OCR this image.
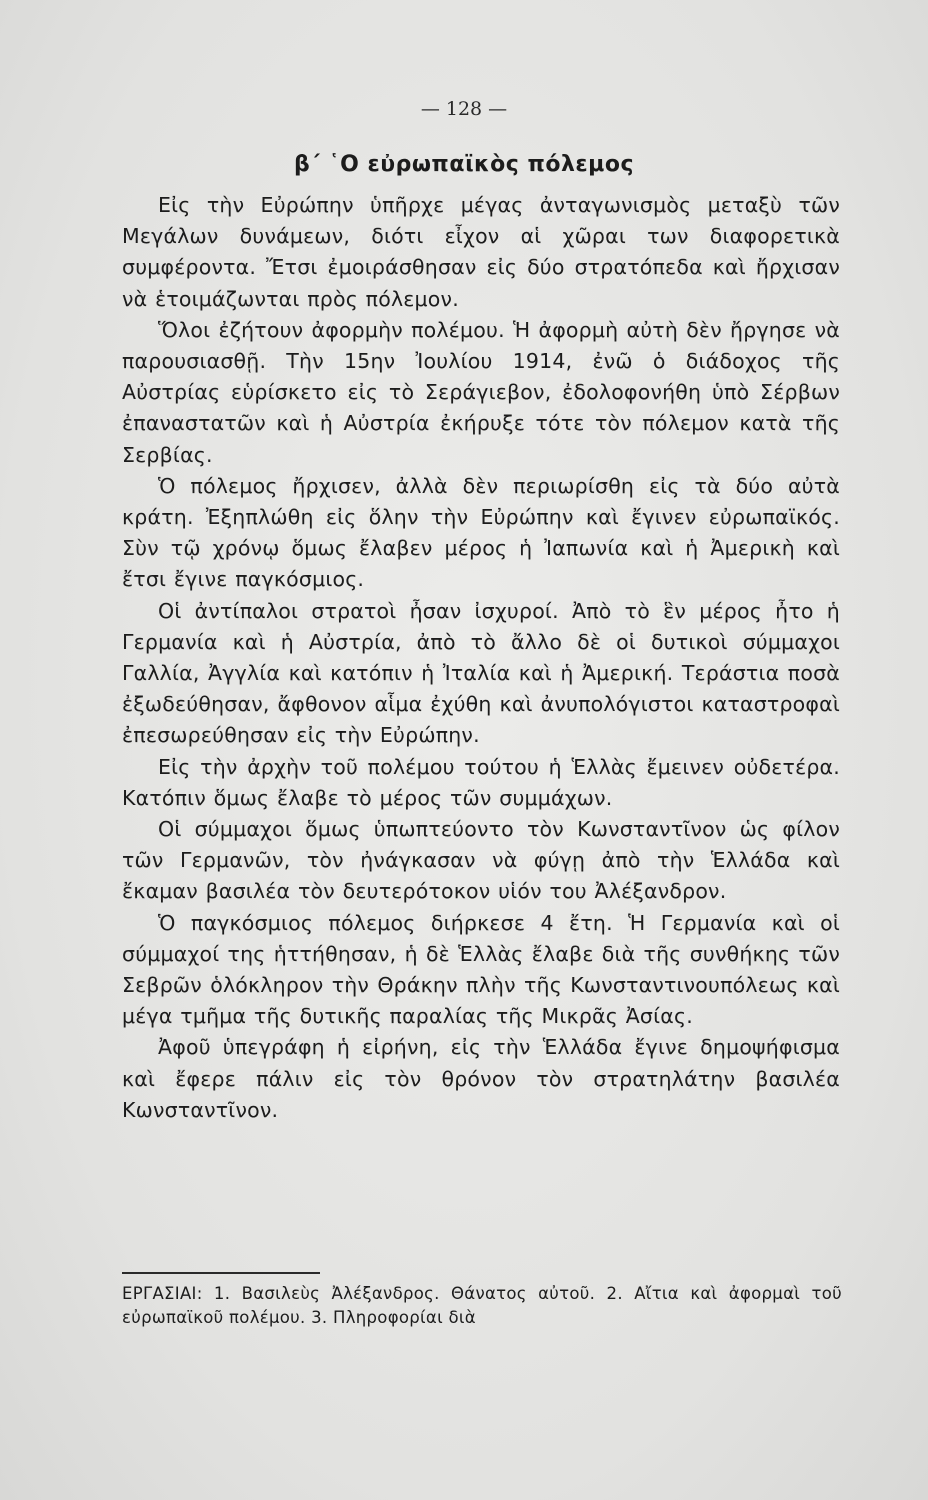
— 128 —
β΄ ῾Ο εὐρωπαϊκὸς πόλεμος

Εἰς τὴν Εὐρώπην ὑπῆρχε μέγας ἀνταγωνισμὸς μεταξὺ τῶν Μεγάλων δυνάμεων, διότι εἶχον αἱ χῶραι των διαφορετικὰ συμφέροντα. Ἔτσι ἐμοιράσθησαν εἰς δύο στρατόπεδα καὶ ἤρχισαν νὰ ἑτοιμάζωνται πρὸς πόλεμον.

Ὅλοι ἐζήτουν ἀφορμὴν πολέμου. Ἡ ἀφορμὴ αὐτὴ δὲν ἤργησε νὰ παρουσιασθῇ. Τὴν 15ην Ἰουλίου 1914, ἐνῶ ὁ διάδοχος τῆς Αὐστρίας εὑρίσκετο εἰς τὸ Σεράγιεβον, ἐδολοφονήθη ὑπὸ Σέρβων ἐπαναστατῶν καὶ ἡ Αὐστρία ἐκήρυξε τότε τὸν πόλεμον κατὰ τῆς Σερβίας.

Ὁ πόλεμος ἤρχισεν, ἀλλὰ δὲν περιωρίσθη εἰς τὰ δύο αὐτὰ κράτη. Ἐξηπλώθη εἰς ὅλην τὴν Εὐρώπην καὶ ἔγινεν εὐρωπαϊκός. Σὺν τῷ χρόνῳ ὅμως ἔλαβεν μέρος ἡ Ἰαπωνία καὶ ἡ Ἀμερικὴ καὶ ἔτσι ἔγινε παγκόσμιος.

Οἱ ἀντίπαλοι στρατοὶ ἦσαν ἰσχυροί. Ἀπὸ τὸ ἓν μέρος ἦτο ἡ Γερμανία καὶ ἡ Αὐστρία, ἀπὸ τὸ ἄλλο δὲ οἱ δυτικοὶ σύμμαχοι Γαλλία, Ἀγγλία καὶ κατόπιν ἡ Ἰταλία καὶ ἡ Ἀμερική. Τεράστια ποσὰ ἐξωδεύθησαν, ἄφθονον αἷμα ἐχύθη καὶ ἀνυπολόγιστοι καταστροφαὶ ἐπεσωρεύθησαν εἰς τὴν Εὐρώπην.

Εἰς τὴν ἀρχὴν τοῦ πολέμου τούτου ἡ Ἑλλὰς ἔμεινεν οὐδετέρα. Κατόπιν ὅμως ἔλαβε τὸ μέρος τῶν συμμάχων.

Οἱ σύμμαχοι ὅμως ὑπωπτεύοντο τὸν Κωνσταντῖνον ὡς φίλον τῶν Γερμανῶν, τὸν ἠνάγκασαν νὰ φύγῃ ἀπὸ τὴν Ἑλλάδα καὶ ἔκαμαν βασιλέα τὸν δευτερότοκον υἱόν του Ἀλέξανδρον.

Ὁ παγκόσμιος πόλεμος διήρκεσε 4 ἔτη. Ἡ Γερμανία καὶ οἱ σύμμαχοί της ἡττήθησαν, ἡ δὲ Ἑλλὰς ἔλαβε διὰ τῆς συνθήκης τῶν Σεβρῶν ὁλόκληρον τὴν Θράκην πλὴν τῆς Κωνσταντινουπόλεως καὶ μέγα τμῆμα τῆς δυτικῆς παραλίας τῆς Μικρᾶς Ἀσίας.

Ἀφοῦ ὑπεγράφη ἡ εἰρήνη, εἰς τὴν Ἑλλάδα ἔγινε δημοψήφισμα καὶ ἔφερε πάλιν εἰς τὸν θρόνον τὸν στρατηλάτην βασιλέα Κωνσταντῖνον.

ΕΡΓΑΣΙΑΙ: 1. Βασιλεὺς Ἀλέξανδρος. Θάνατος αὐτοῦ. 2. Αἴτια καὶ ἀφορμαὶ τοῦ εὐρωπαϊκοῦ πολέμου. 3. Πληροφορίαι διὰ
